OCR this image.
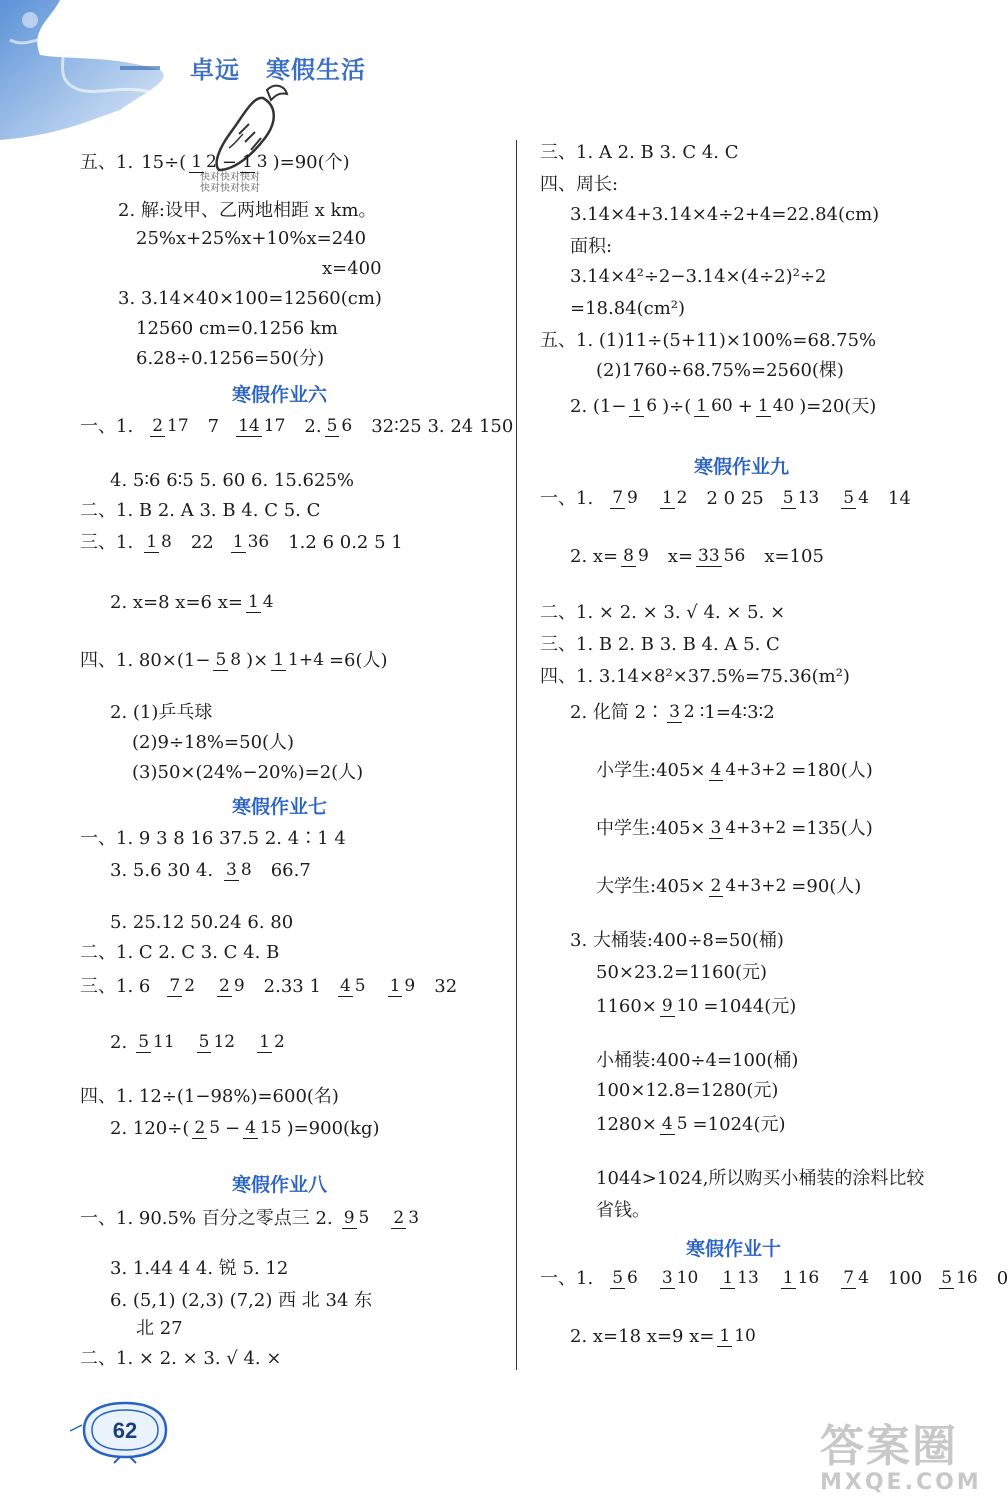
卓远 寒假生活
快对快对快对
快对快对快对
五、1. 15÷( 1 2 − 1 3 )=90(个)
2. 解:设甲、乙两地相距 x km。
25%x+25%x+10%x=240
x=400
3. 3.14×40×100=12560(cm)
12560 cm=0.1256 km
6.28÷0.1256=50(分)
寒假作业六
一、1. 2 17 7 14 17 2. 5 6 32∶25 3. 24 150
4. 5∶6 6∶5 5. 60 6. 15.625%
二、1. B 2. A 3. B 4. C 5. C
三、1. 1 8 22 1 36 1.2 6 0.2 5 1
2. x=8 x=6 x= 1 4
四、1. 80×(1− 5 8 )× 1 1+4 =6(人)
2. (1)乒乓球
(2)9÷18%=50(人)
(3)50×(24%−20%)=2(人)
寒假作业七
一、1. 9 3 8 16 37.5 2. 4∶1 4
3. 5.6 30 4. 3 8 66.7
5. 25.12 50.24 6. 80
二、1. C 2. C 3. C 4. B
三、1. 6 7 2 2 9 2.33 1 4 5 1 9 32
2. 5 11 5 12 1 2
四、1. 12÷(1−98%)=600(名)
2. 120÷( 2 5 − 4 15 )=900(kg)
寒假作业八
一、1. 90.5% 百分之零点三 2. 9 5 2 3
3. 1.44 4 4. 锐 5. 12
6. (5,1) (2,3) (7,2) 西 北 34 东
北 27
二、1. × 2. × 3. √ 4. ×
三、1. A 2. B 3. C 4. C
四、周长:
3.14×4+3.14×4÷2+4=22.84(cm)
面积:
3.14×4²÷2−3.14×(4÷2)²÷2
=18.84(cm²)
五、1. (1)11÷(5+11)×100%=68.75%
(2)1760÷68.75%=2560(棵)
2. (1− 1 6 )÷( 1 60 + 1 40 )=20(天)
寒假作业九
一、1. 7 9 1 2 2 0 25 5 13 5 4 14
2. x= 8 9 x= 33 56 x=105
二、1. × 2. × 3. √ 4. × 5. ×
三、1. B 2. B 3. B 4. A 5. C
四、1. 3.14×8²×37.5%=75.36(m²)
2. 化简 2∶ 3 2 ∶1=4∶3∶2
小学生:405× 4 4+3+2 =180(人)
中学生:405× 3 4+3+2 =135(人)
大学生:405× 2 4+3+2 =90(人)
3. 大桶装:400÷8=50(桶)
50×23.2=1160(元)
1160× 9 10 =1044(元)
小桶装:400÷4=100(桶)
100×12.8=1280(元)
1280× 4 5 =1024(元)
1044>1024,所以购买小桶装的涂料比较
省钱。
寒假作业十
一、1. 5 6 3 10 1 13 1 16 7 4 100 5 16 0
2. x=18 x=9 x= 1 10
62	答案圈
MXQE.COM
